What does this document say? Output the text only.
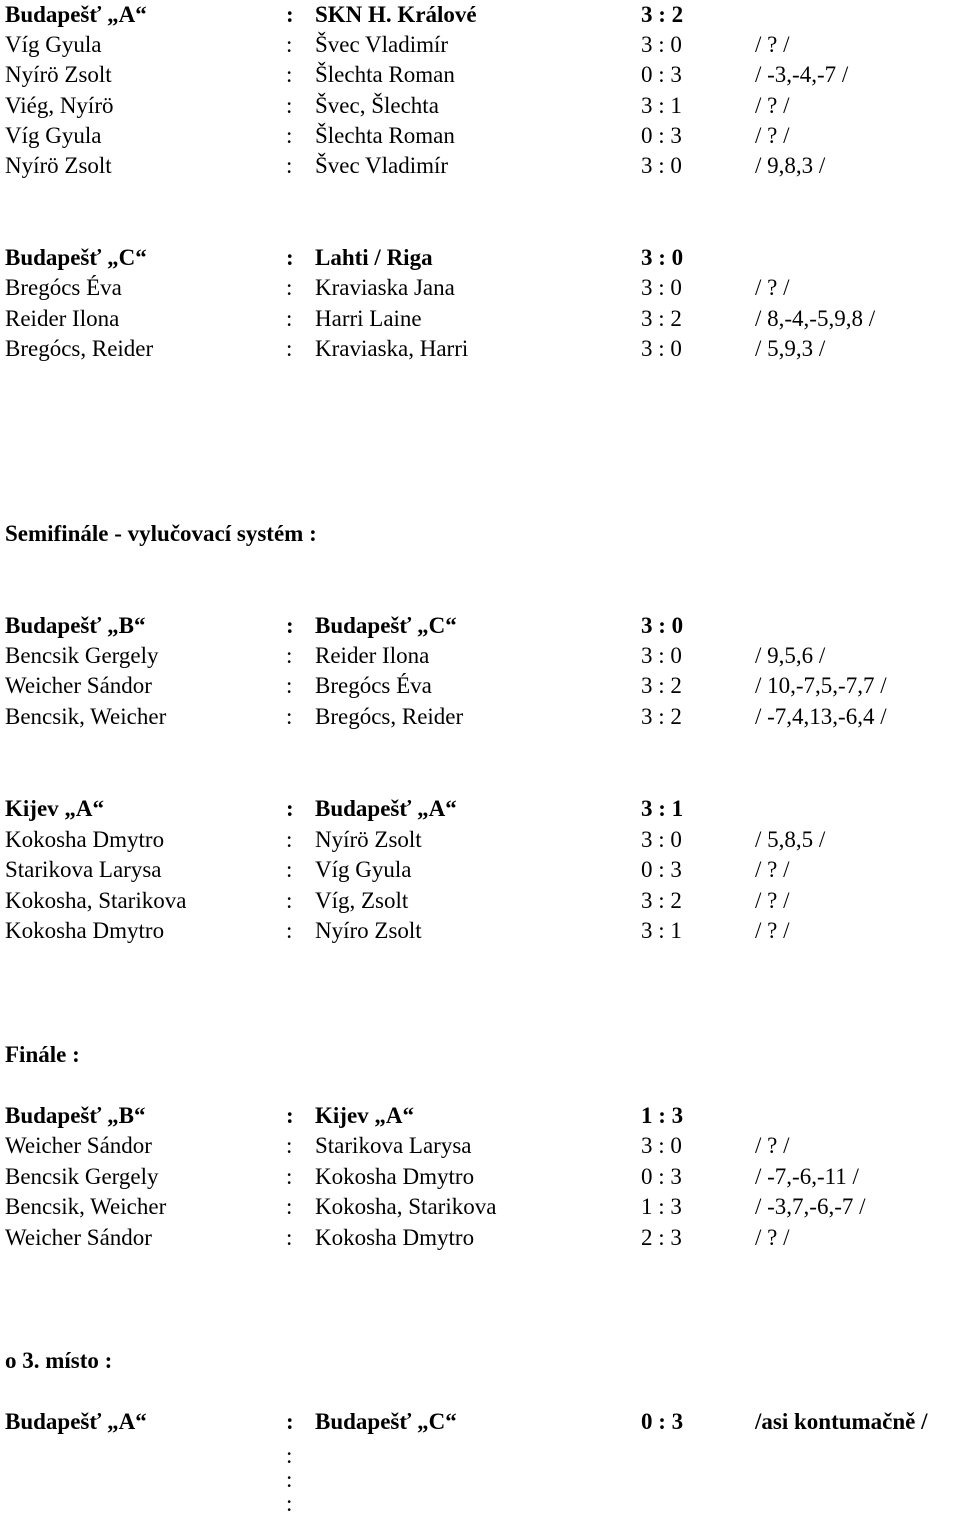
Budapešť „A“	: SKN H. Králové	3 : 2
Víg Gyula	: Švec Vladimír	3 : 0	/ ? /
Nyírö Zsolt	: Šlechta Roman	0 : 3	/ -3,-4,-7 /
Viég, Nyírö	: Švec, Šlechta	3 : 1	/ ? /
Víg Gyula	: Šlechta Roman	0 : 3	/ ? /
Nyírö Zsolt	: Švec Vladimír	3 : 0	/ 9,8,3 /
Budapešť „C“	: Lahti / Riga	3 : 0
Bregócs Éva	: Kraviaska Jana	3 : 0	/ ? /
Reider Ilona	: Harri Laine	3 : 2	/ 8,-4,-5,9,8 /
Bregócs, Reider	: Kraviaska, Harri	3 : 0	/ 5,9,3 /
Semifinále - vylučovací systém :
Budapešť „B“	: Budapešť „C“	3 : 0
Bencsik Gergely	: Reider Ilona	3 : 0	/ 9,5,6 /
Weicher Sándor	: Bregócs Éva	3 : 2	/ 10,-7,5,-7,7 /
Bencsik, Weicher	: Bregócs, Reider	3 : 2	/ -7,4,13,-6,4 /
Kijev „A“	: Budapešť „A“	3 : 1
Kokosha Dmytro	: Nyírö Zsolt	3 : 0	/ 5,8,5 /
Starikova Larysa	: Víg Gyula	0 : 3	/ ? /
Kokosha, Starikova	: Víg, Zsolt	3 : 2	/ ? /
Kokosha Dmytro	: Nyíro Zsolt	3 : 1	/ ? /
Finále :
Budapešť „B“	: Kijev „A“	1 : 3
Weicher Sándor	: Starikova Larysa	3 : 0	/ ? /
Bencsik Gergely	: Kokosha Dmytro	0 : 3	/ -7,-6,-11 /
Bencsik, Weicher	: Kokosha, Starikova	1 : 3	/ -3,7,-6,-7 /
Weicher Sándor	: Kokosha Dmytro	2 : 3	/ ? /
o 3. místo :
Budapešť „A“	: Budapešť „C“	0 : 3	/asi kontumačně /
:
:
:
